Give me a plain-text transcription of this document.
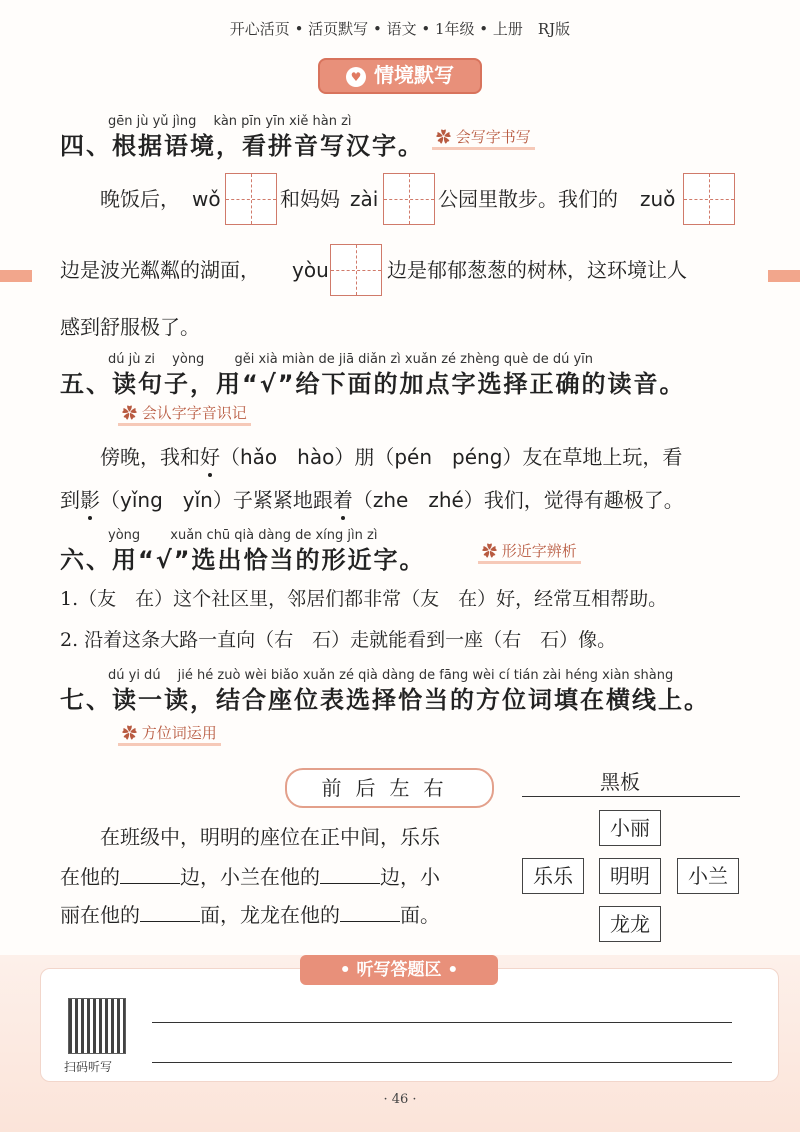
开心活页 • 活页默写 • 语文 • 1年级 • 上册　RJ版
♥ 情境默写
gēn jù yǔ jìng　 kàn pīn yīn xiě hàn zì
四、根据语境，看拼音写汉字。 ✿ 会写字书写
晚饭后， wǒ	和妈妈 zài	公园里散步。我们的 zuǒ
边是波光粼粼的湖面， yòu	边是郁郁葱葱的树林，这环境让人
感到舒服极了。
dú jù zi　 yòng　　 gěi xià miàn de jiā diǎn zì xuǎn zé zhèng què de dú yīn
五、读句子，用“√”给下面的加点字选择正确的读音。
✿ 会认字字音识记
傍晚，我和好（hǎo　hào）朋（pén　péng）友在草地上玩，看
到影（yǐng　yǐn）子紧紧地跟着（zhe　zhé）我们，觉得有趣极了。
yòng　　 xuǎn chū qià dàng de xíng jìn zì
六、用“√”选出恰当的形近字。	✿ 形近字辨析
1.（友　在）这个社区里，邻居们都非常（友　在）好，经常互相帮助。
2. 沿着这条大路一直向（右　石）走就能看到一座（右　石）像。
dú yi dú　 jié hé zuò wèi biǎo xuǎn zé qià dàng de fāng wèi cí tián zài héng xiàn shàng
七、读一读，结合座位表选择恰当的方位词填在横线上。
✿ 方位词运用
前后左右
在班级中，明明的座位在正中间，乐乐
在他的	边，小兰在他的	边，小
丽在他的	面，龙龙在他的	面。
黑板
小丽
乐乐	明明	小兰
龙龙
• 听写答题区 •
扫码听写
· 46 ·
